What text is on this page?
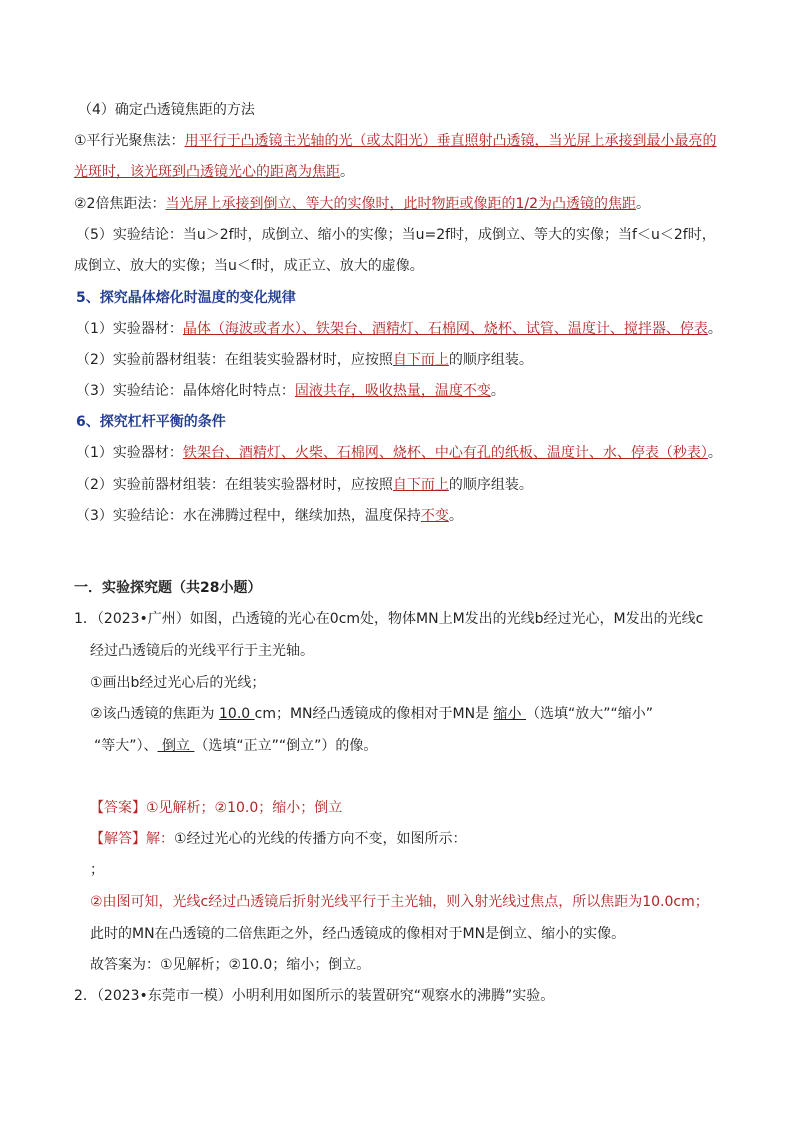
（4）确定凸透镜焦距的方法
①平行光聚焦法：用平行于凸透镜主光轴的光（或太阳光）垂直照射凸透镜，当光屏上承接到最小最亮的
光斑时，该光斑到凸透镜光心的距离为焦距。
②2倍焦距法：当光屏上承接到倒立、等大的实像时，此时物距或像距的1/2为凸透镜的焦距。
（5）实验结论：当u＞2f时，成倒立、缩小的实像；当u=2f时，成倒立、等大的实像；当f＜u＜2f时，
成倒立、放大的实像；当u＜f时，成正立、放大的虚像。
5、探究晶体熔化时温度的变化规律
（1）实验器材：晶体（海波或者水）、铁架台、酒精灯、石棉网、烧杯、试管、温度计、搅拌器、停表。
（2）实验前器材组装：在组装实验器材时，应按照自下而上的顺序组装。
（3）实验结论：晶体熔化时特点：固液共存，吸收热量，温度不变。
6、探究杠杆平衡的条件
（1）实验器材：铁架台、酒精灯、火柴、石棉网、烧杯、中心有孔的纸板、温度计、水、停表（秒表）。
（2）实验前器材组装：在组装实验器材时，应按照自下而上的顺序组装。
（3）实验结论：水在沸腾过程中，继续加热，温度保持不变。
一．实验探究题（共28小题）
1．（2023•广州）如图，凸透镜的光心在0cm处，物体MN上M发出的光线b经过光心，M发出的光线c
经过凸透镜后的光线平行于主光轴。
①画出b经过光心后的光线；
②该凸透镜的焦距为 10.0 cm；MN经凸透镜成的像相对于MN是 缩小 （选填“放大”“缩小”
“等大”）、 倒立 （选填“正立”“倒立”）的像。
【答案】①见解析；②10.0；缩小；倒立
【解答】解：①经过光心的光线的传播方向不变，如图所示：
；
②由图可知，光线c经过凸透镜后折射光线平行于主光轴，则入射光线过焦点，所以焦距为10.0cm；
此时的MN在凸透镜的二倍焦距之外，经凸透镜成的像相对于MN是倒立、缩小的实像。
故答案为：①见解析；②10.0；缩小；倒立。
2．（2023•东莞市一模）小明利用如图所示的装置研究“观察水的沸腾”实验。
